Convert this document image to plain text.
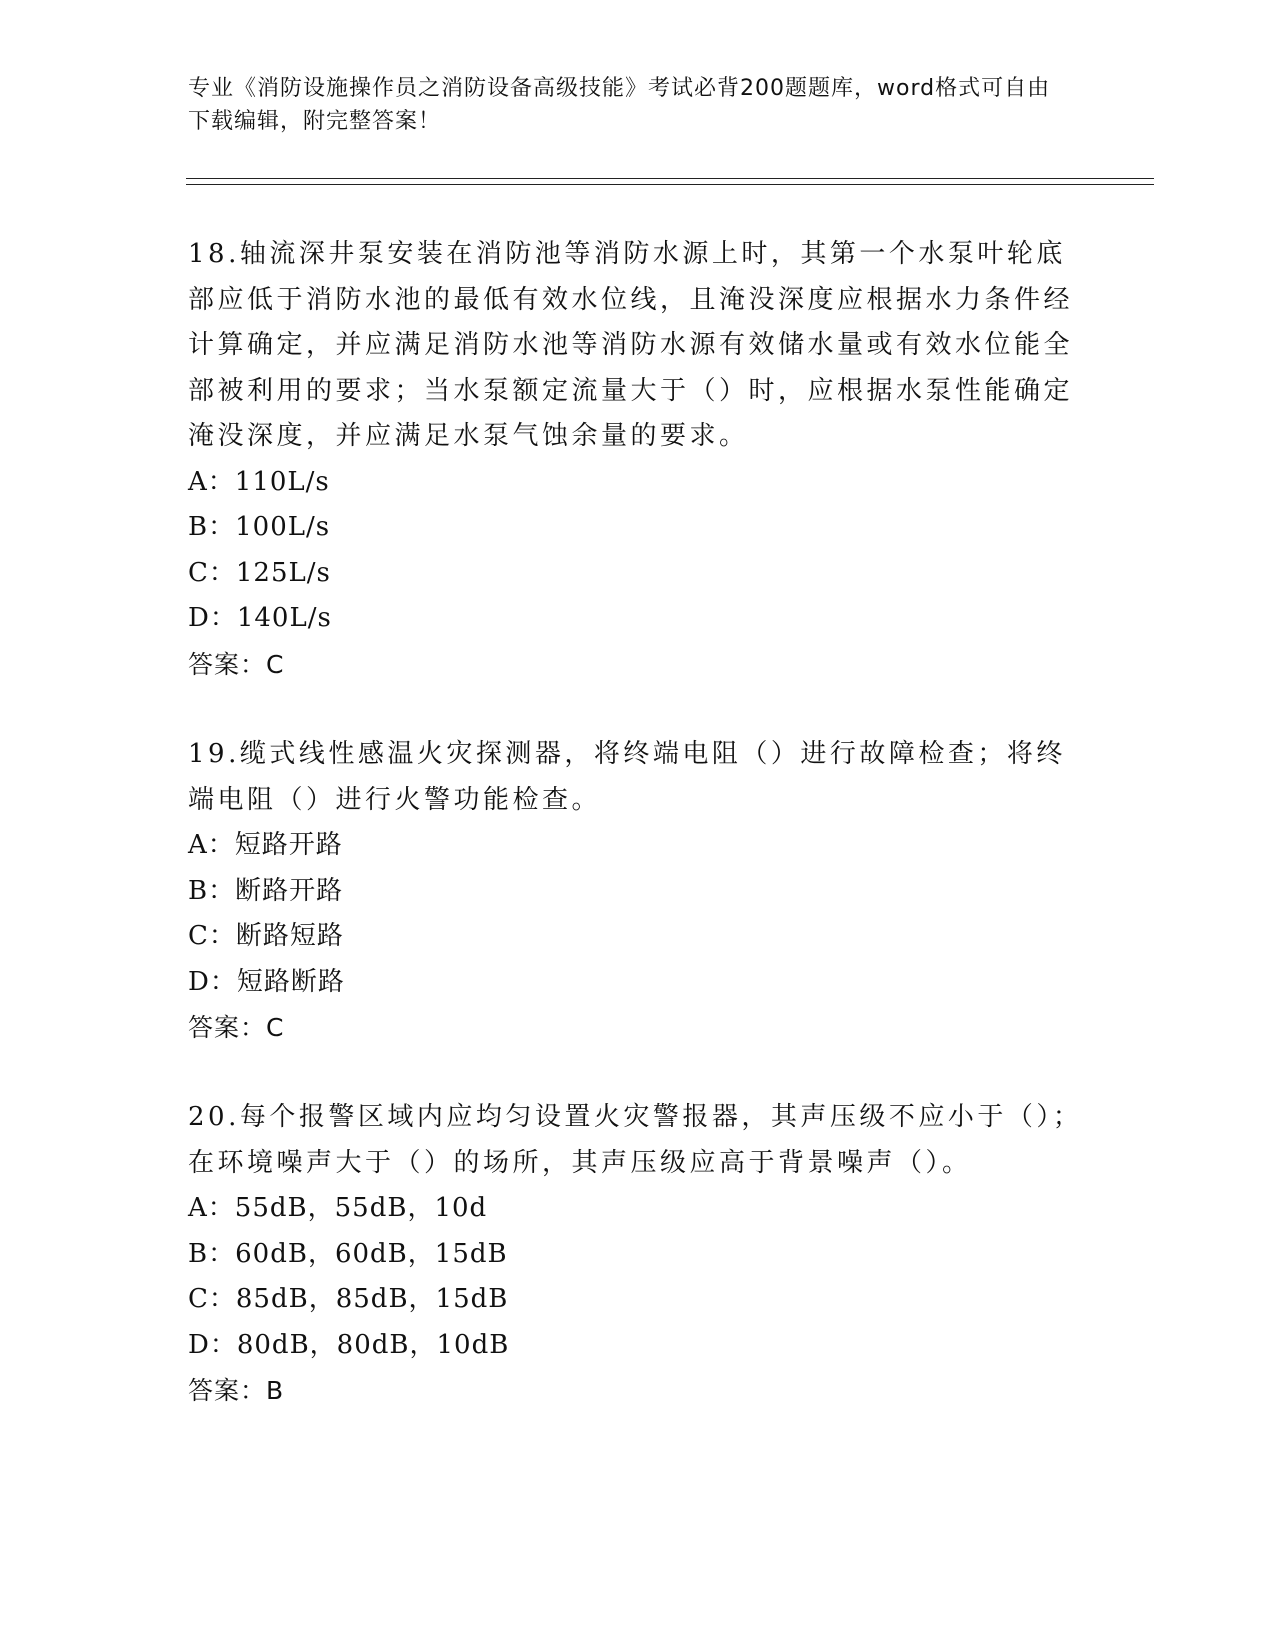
专业《消防设施操作员之消防设备高级技能》考试必背200题题库，word格式可自由下载编辑，附完整答案！

18.轴流深井泵安装在消防池等消防水源上时，其第一个水泵叶轮底部应低于消防水池的最低有效水位线，且淹没深度应根据水力条件经计算确定，并应满足消防水池等消防水源有效储水量或有效水位能全部被利用的要求；当水泵额定流量大于（）时，应根据水泵性能确定淹没深度，并应满足水泵气蚀余量的要求。

A：110L/s

B：100L/s

C：125L/s

D：140L/s

答案：C

19.缆式线性感温火灾探测器，将终端电阻（）进行故障检查；将终端电阻（）进行火警功能检查。

A：短路开路

B：断路开路

C：断路短路

D：短路断路

答案：C

20.每个报警区域内应均匀设置火灾警报器，其声压级不应小于（）；在环境噪声大于（）的场所，其声压级应高于背景噪声（）。

A：55dB，55dB，10d

B：60dB，60dB，15dB

C：85dB，85dB，15dB

D：80dB，80dB，10dB

答案：B
